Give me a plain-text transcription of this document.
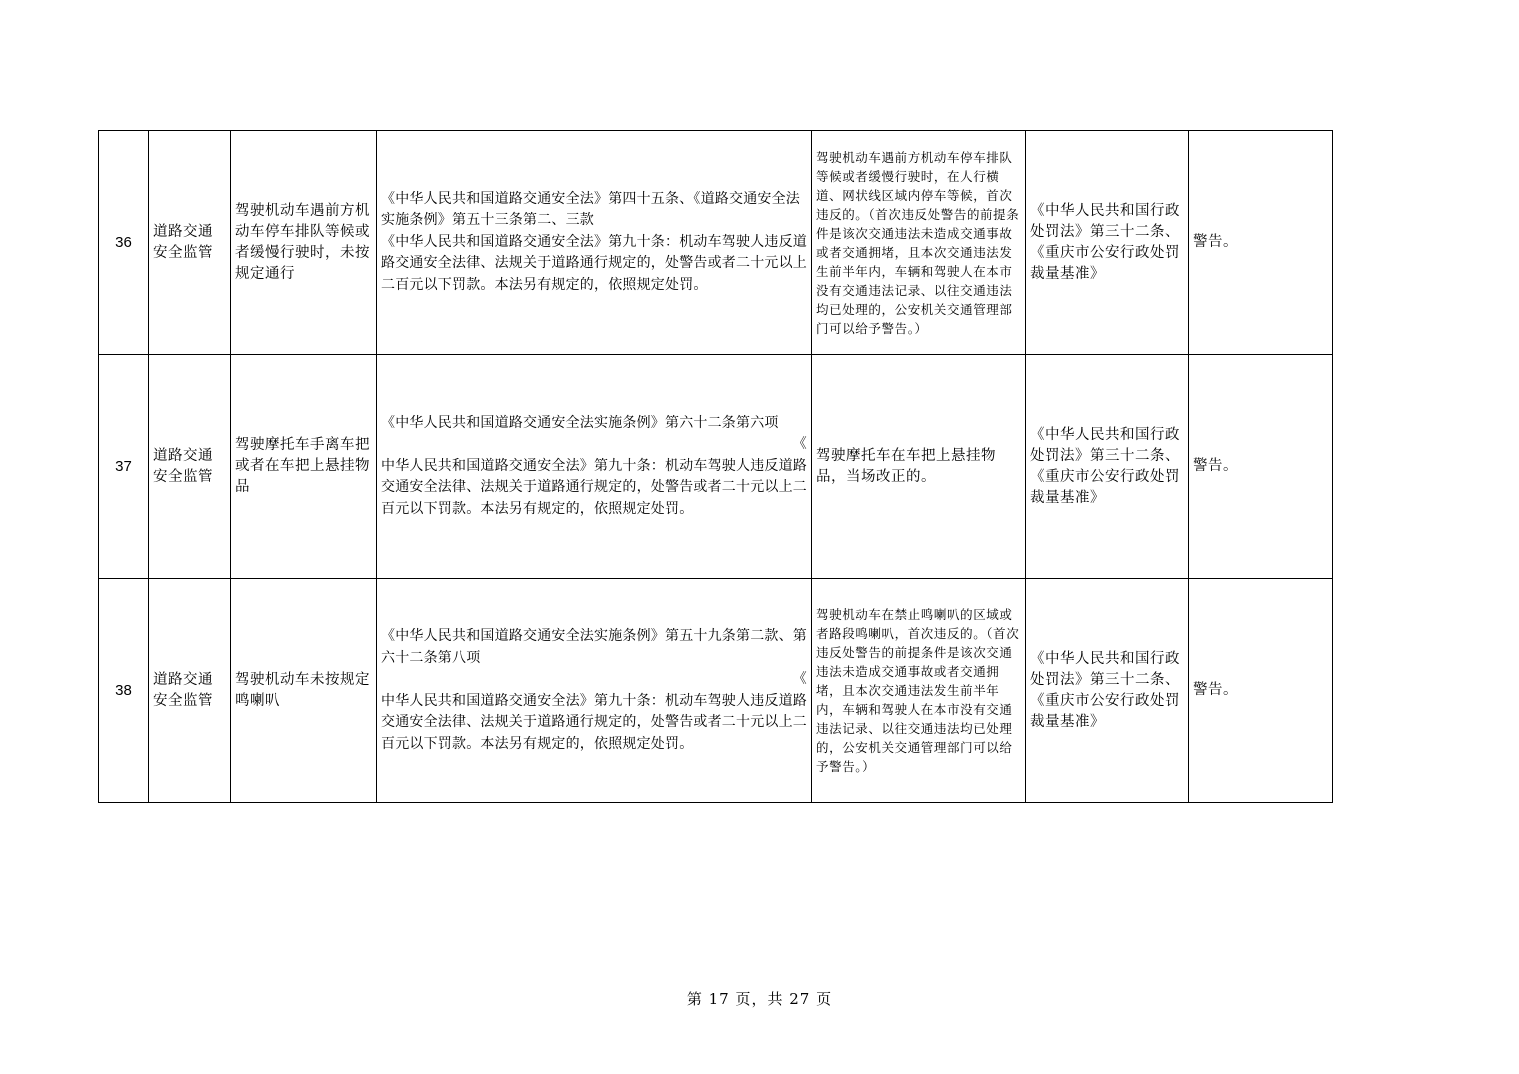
36	道路交通安全监管	驾驶机动车遇前方机动车停车排队等候或者缓慢行驶时，未按规定通行	《中华人民共和国道路交通安全法》第四十五条、《道路交通安全法实施条例》第五十三条第二、三款
《中华人民共和国道路交通安全法》第九十条：机动车驾驶人违反道路交通安全法律、法规关于道路通行规定的，处警告或者二十元以上二百元以下罚款。本法另有规定的，依照规定处罚。	驾驶机动车遇前方机动车停车排队等候或者缓慢行驶时，在人行横道、网状线区域内停车等候，首次违反的。（首次违反处警告的前提条件是该次交通违法未造成交通事故或者交通拥堵，且本次交通违法发生前半年内，车辆和驾驶人在本市没有交通违法记录、以往交通违法均已处理的，公安机关交通管理部门可以给予警告。）	《中华人民共和国行政处罚法》第三十二条、《重庆市公安行政处罚裁量基准》	警告。
37	道路交通安全监管	驾驶摩托车手离车把或者在车把上悬挂物品	《中华人民共和国道路交通安全法实施条例》第六十二条第六项
《
中华人民共和国道路交通安全法》第九十条：机动车驾驶人违反道路交通安全法律、法规关于道路通行规定的，处警告或者二十元以上二百元以下罚款。本法另有规定的，依照规定处罚。	驾驶摩托车在车把上悬挂物品，当场改正的。	《中华人民共和国行政处罚法》第三十二条、《重庆市公安行政处罚裁量基准》	警告。
38	道路交通安全监管	驾驶机动车未按规定鸣喇叭	《中华人民共和国道路交通安全法实施条例》第五十九条第二款、第六十二条第八项
《
中华人民共和国道路交通安全法》第九十条：机动车驾驶人违反道路交通安全法律、法规关于道路通行规定的，处警告或者二十元以上二百元以下罚款。本法另有规定的，依照规定处罚。	驾驶机动车在禁止鸣喇叭的区域或者路段鸣喇叭，首次违反的。（首次违反处警告的前提条件是该次交通违法未造成交通事故或者交通拥堵，且本次交通违法发生前半年内，车辆和驾驶人在本市没有交通违法记录、以往交通违法均已处理的，公安机关交通管理部门可以给予警告。）	《中华人民共和国行政处罚法》第三十二条、《重庆市公安行政处罚裁量基准》	警告。
第 17 页，共 27 页
